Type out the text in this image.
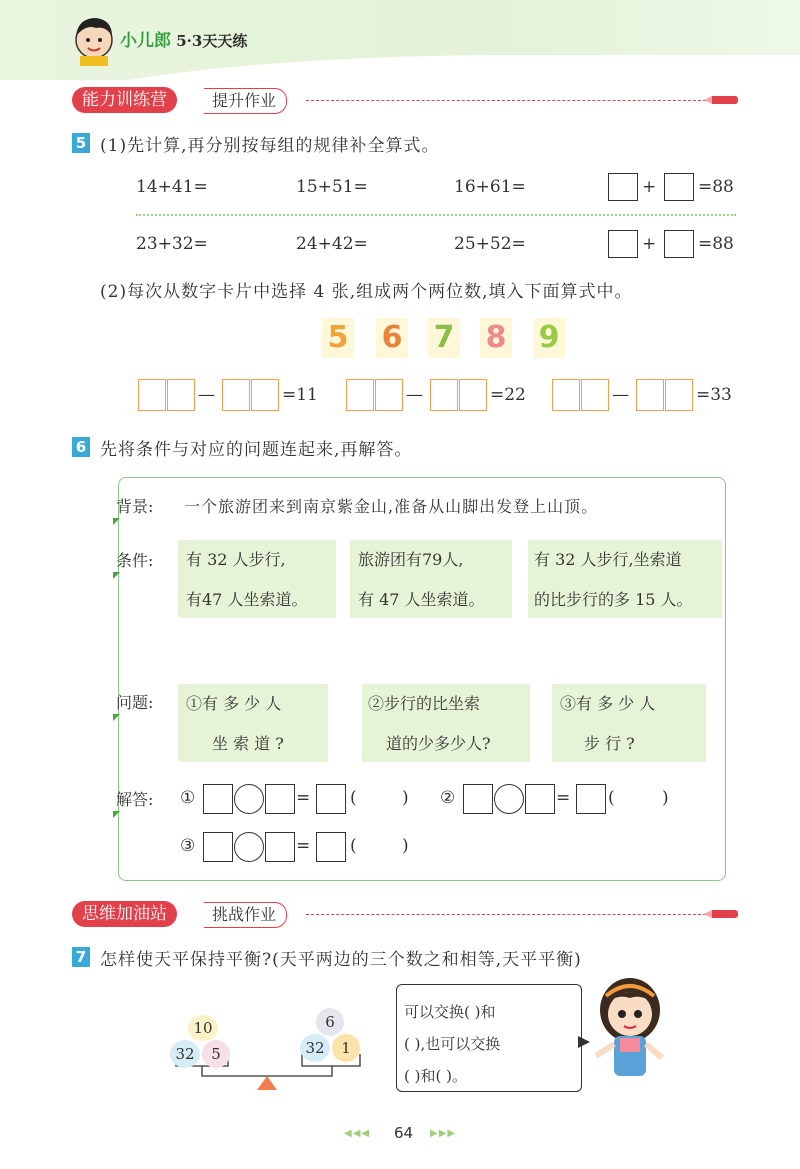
小儿郎 5·3天天练
能力训练营	提升作业
5 (1)先计算,再分别按每组的规律补全算式。
14+41=	15+51=	16+61=	+ =88
23+32=	24+42=	25+52=	+ =88
(2)每次从数字卡片中选择 4 张,组成两个两位数,填入下面算式中。
5 6 7 8 9
—	=11	—	=22	—	=33
6 先将条件与对应的问题连起来,再解答。
背景: 一个旅游团来到南京紫金山,准备从山脚出发登上山顶。
条件: 有 32 人步行,
有47 人坐索道。
旅游团有79人,
有 47 人坐索道。
有 32 人步行,坐索道
的比步行的多 15 人。
问题: ①有 多 少 人
坐 索 道 ?
②步行的比坐索
道的少多少人?
③有 多 少 人
步 行 ?
解答: ①	= (	) ②	= (	)
③	= (	)
思维加油站	挑战作业
7 怎样使天平保持平衡?(天平两边的三个数之和相等,天平平衡)
10
32	5
6
32	1
可以交换( )和
( ),也可以交换
( )和( )。
◀◀◀ 64 ▶▶▶
